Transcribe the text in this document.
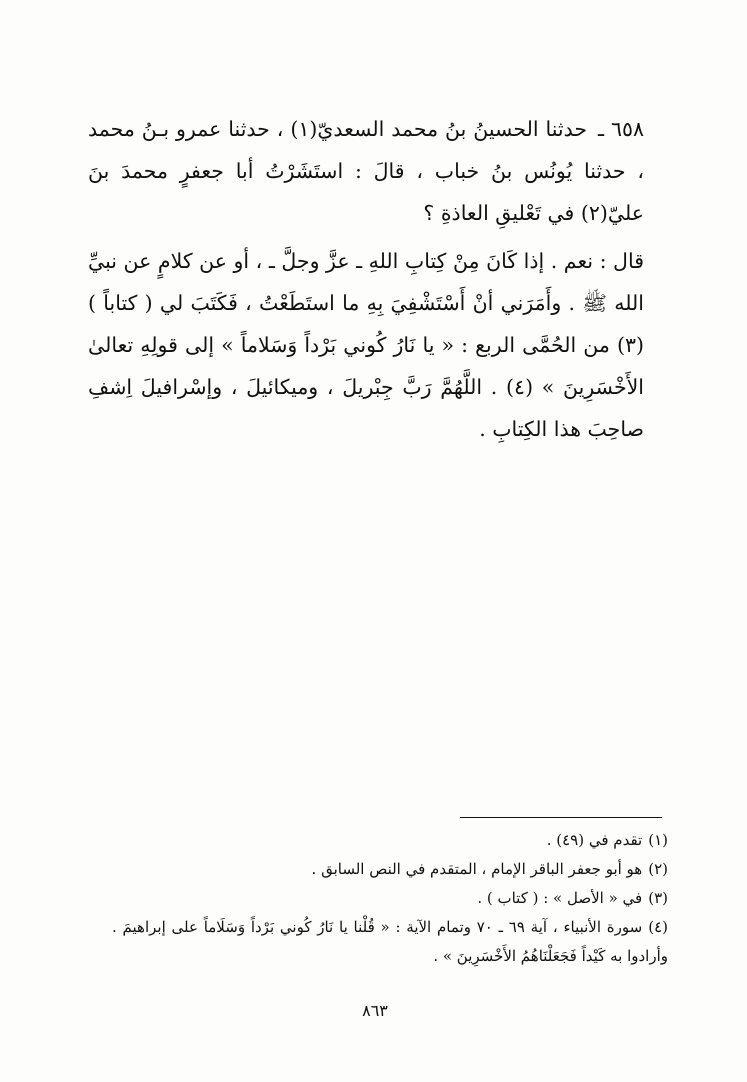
٦٥٨ ـ حدثنا الحسينُ بنُ محمد السعديّ(١) ، حدثنا عمرو بـنُ محمد ، حدثنا يُونُس بنُ خباب ، قالَ : استَشَرْتُ أبا جعفرٍ محمدَ بنَ عليّ(٢) في تَعْليقِ العاذةِ ؟

قال : نعم . إذا كَانَ مِنْ كِتابِ اللهِ ـ عزَّ وجلَّ ـ ، أو عن كلامٍ عن نبيِّ الله ﷺ . وأَمَرَني أنْ أَسْتَشْفِيَ بِهِ ما استَطَعْتُ ، فَكَتَبَ لي ( كتاباً ) (٣) من الحُمَّى الربع : « يا نَارُ كُوني بَرْداً وَسَلاماً » إلى قولِهِ تعالىٰ الأَخْسَرِينَ » (٤) . اللَّهُمَّ رَبَّ جِبْريلَ ، وميكائيلَ ، وإسْرافيلَ اِشفِ صاحِبَ هذا الكِتابِ .

(١)تقدم في (٤٩) .

(٢)هو أبو جعفر الباقر الإمام ، المتقدم في النص السابق .

(٣)في « الأصل » : ( كتاب ) .

(٤)سورة الأنبياء ، آية ٦٩ ـ ٧٠ وتمام الآية : « قُلْنا يا نَارُ كُوني بَرْداً وَسَلَاماً على إبراهيمَ . وأرادوا به كَيْداً فَجَعَلْنَاهُمُ الأَخْسَرِينَ » .

٨٦٣
